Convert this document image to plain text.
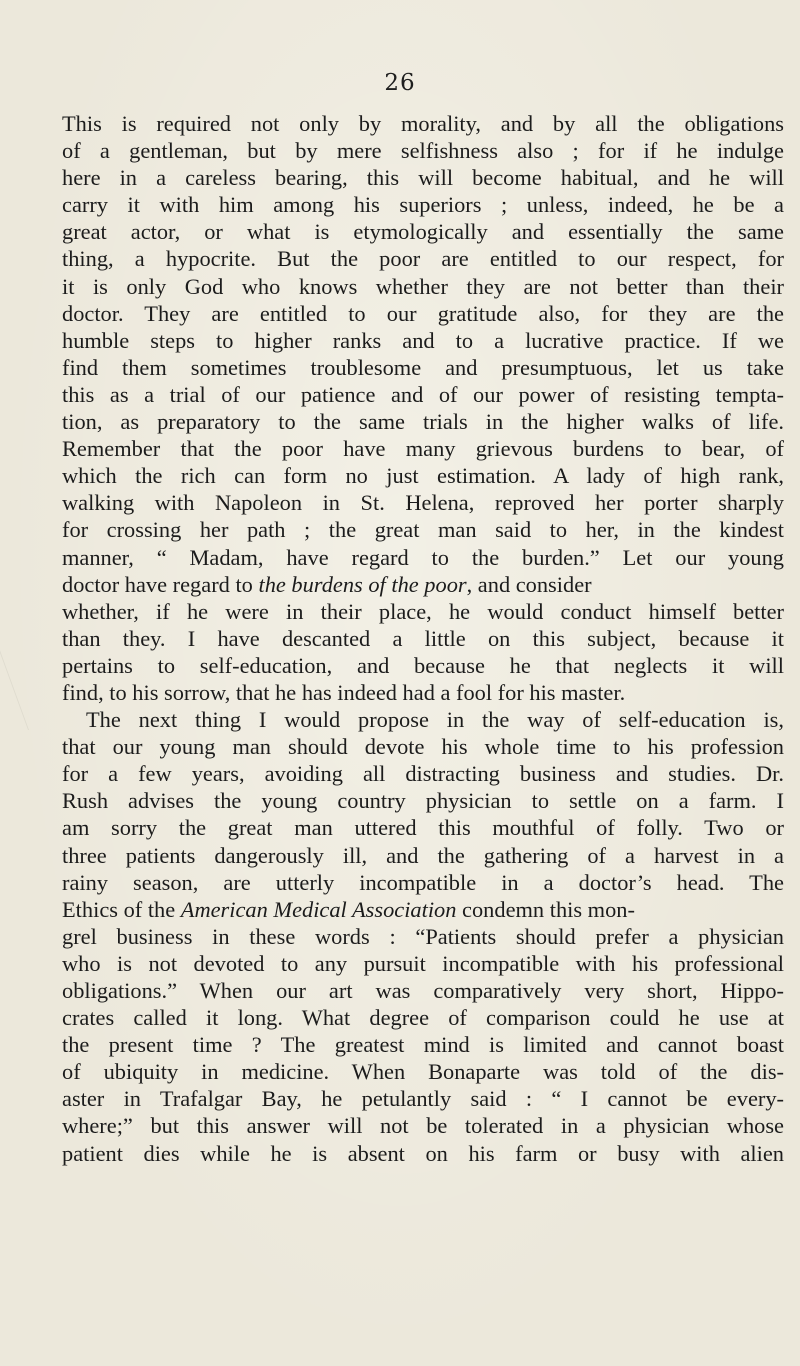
26
This is required not only by morality, and by all the obligations
of a gentleman, but by mere selfishness also ; for if he indulge
here in a careless bearing, this will become habitual, and he will
carry it with him among his superiors ; unless, indeed, he be a
great actor, or what is etymologically and essentially the same
thing, a hypocrite. But the poor are entitled to our respect, for
it is only God who knows whether they are not better than their
doctor. They are entitled to our gratitude also, for they are the
humble steps to higher ranks and to a lucrative practice. If we
find them sometimes troublesome and presumptuous, let us take
this as a trial of our patience and of our power of resisting tempta-
tion, as preparatory to the same trials in the higher walks of life.
Remember that the poor have many grievous burdens to bear, of
which the rich can form no just estimation. A lady of high rank,
walking with Napoleon in St. Helena, reproved her porter sharply
for crossing her path ; the great man said to her, in the kindest
manner, “ Madam, have regard to the burden.” Let our young
doctor have regard to the burdens of the poor, and consider
whether, if he were in their place, he would conduct himself better
than they. I have descanted a little on this subject, because it
pertains to self-education, and because he that neglects it will
find, to his sorrow, that he has indeed had a fool for his master.
The next thing I would propose in the way of self-education is,
that our young man should devote his whole time to his profession
for a few years, avoiding all distracting business and studies. Dr.
Rush advises the young country physician to settle on a farm. I
am sorry the great man uttered this mouthful of folly. Two or
three patients dangerously ill, and the gathering of a harvest in a
rainy season, are utterly incompatible in a doctor’s head. The
Ethics of the American Medical Association condemn this mon-
grel business in these words : “Patients should prefer a physician
who is not devoted to any pursuit incompatible with his professional
obligations.” When our art was comparatively very short, Hippo-
crates called it long. What degree of comparison could he use at
the present time ? The greatest mind is limited and cannot boast
of ubiquity in medicine. When Bonaparte was told of the dis-
aster in Trafalgar Bay, he petulantly said : “ I cannot be every-
where;” but this answer will not be tolerated in a physician whose
patient dies while he is absent on his farm or busy with alien
